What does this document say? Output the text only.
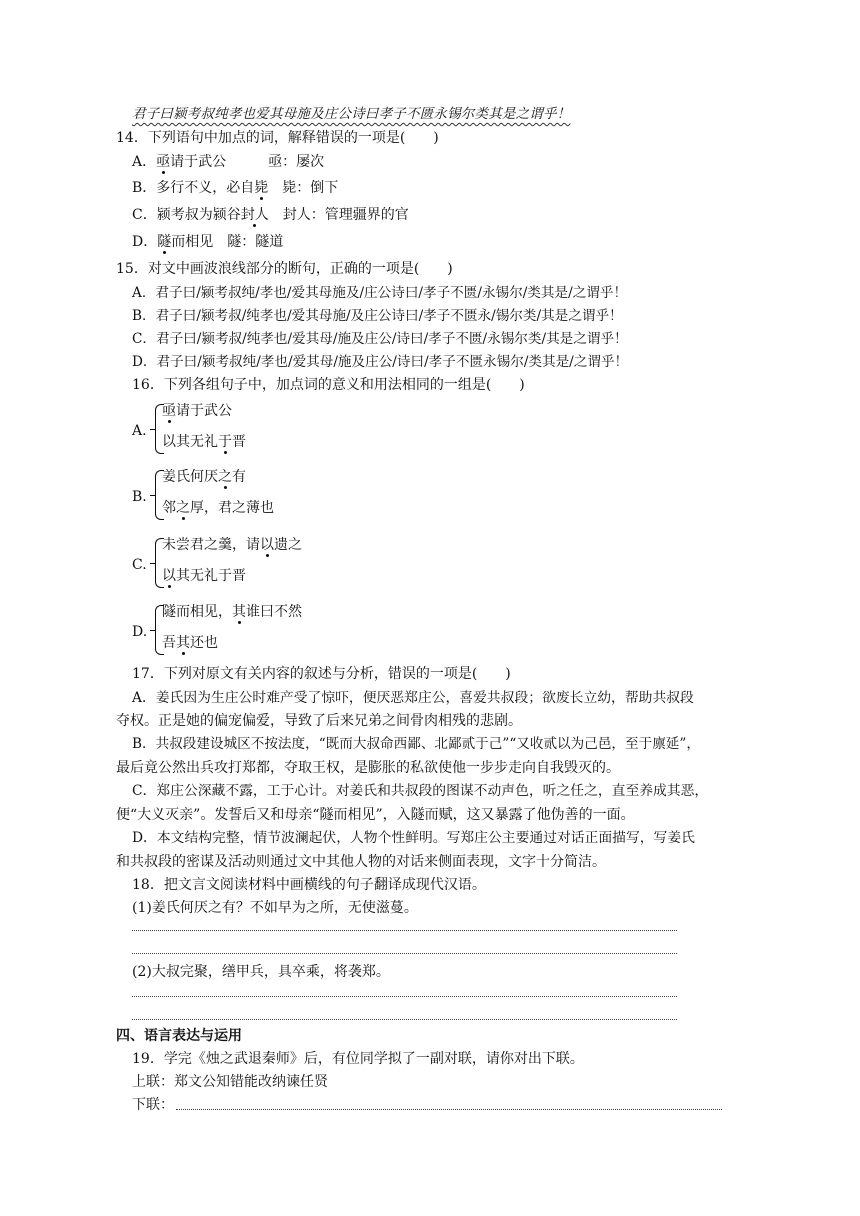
君子曰颍考叔纯孝也爱其母施及庄公诗曰孝子不匮永锡尔类其是之谓乎！
14．下列语句中加点的词，解释错误的一项是(　　)
A．亟请于武公　　　亟：屡次
B．多行不义，必自毙　毙：倒下
C．颍考叔为颍谷封人　封人：管理疆界的官
D．隧而相见　隧：隧道
15．对文中画波浪线部分的断句，正确的一项是(　　)
A．君子曰/颍考叔纯/孝也/爱其母施及/庄公诗曰/孝子不匮/永锡尔/类其是/之谓乎！
B．君子曰/颍考叔/纯孝也/爱其母施/及庄公诗曰/孝子不匮永/锡尔类/其是之谓乎！
C．君子曰/颍考叔/纯孝也/爱其母/施及庄公/诗曰/孝子不匮/永锡尔类/其是之谓乎！
D．君子曰/颍考叔纯/孝也/爱其母/施及庄公/诗曰/孝子不匮永锡尔/类其是/之谓乎！
16．下列各组句子中，加点词的意义和用法相同的一组是(　　)
A.
亟请于武公
以其无礼于晋
B.
姜氏何厌之有
邻之厚，君之薄也
C.
未尝君之羹，请以遗之
以其无礼于晋
D.
隧而相见，其谁曰不然
吾其还也
17．下列对原文有关内容的叙述与分析，错误的一项是(　　)
A．姜氏因为生庄公时难产受了惊吓，便厌恶郑庄公，喜爱共叔段；欲废长立幼，帮助共叔段
夺权。正是她的偏宠偏爱，导致了后来兄弟之间骨肉相残的悲剧。
B．共叔段建设城区不按法度，“既而大叔命西鄙、北鄙贰于己”“又收贰以为己邑，至于廪延”，
最后竟公然出兵攻打郑都，夺取王权，是膨胀的私欲使他一步步走向自我毁灭的。
C．郑庄公深藏不露，工于心计。对姜氏和共叔段的图谋不动声色，听之任之，直至养成其恶，
便“大义灭亲”。发誓后又和母亲“隧而相见”，入隧而赋，这又暴露了他伪善的一面。
D．本文结构完整，情节波澜起伏，人物个性鲜明。写郑庄公主要通过对话正面描写，写姜氏
和共叔段的密谋及活动则通过文中其他人物的对话来侧面表现，文字十分简洁。
18．把文言文阅读材料中画横线的句子翻译成现代汉语。
(1)姜氏何厌之有？不如早为之所，无使滋蔓。
(2)大叔完聚，缮甲兵，具卒乘，将袭郑。
四、语言表达与运用
19．学完《烛之武退秦师》后，有位同学拟了一副对联，请你对出下联。
上联：郑文公知错能改纳谏任贤
下联：
